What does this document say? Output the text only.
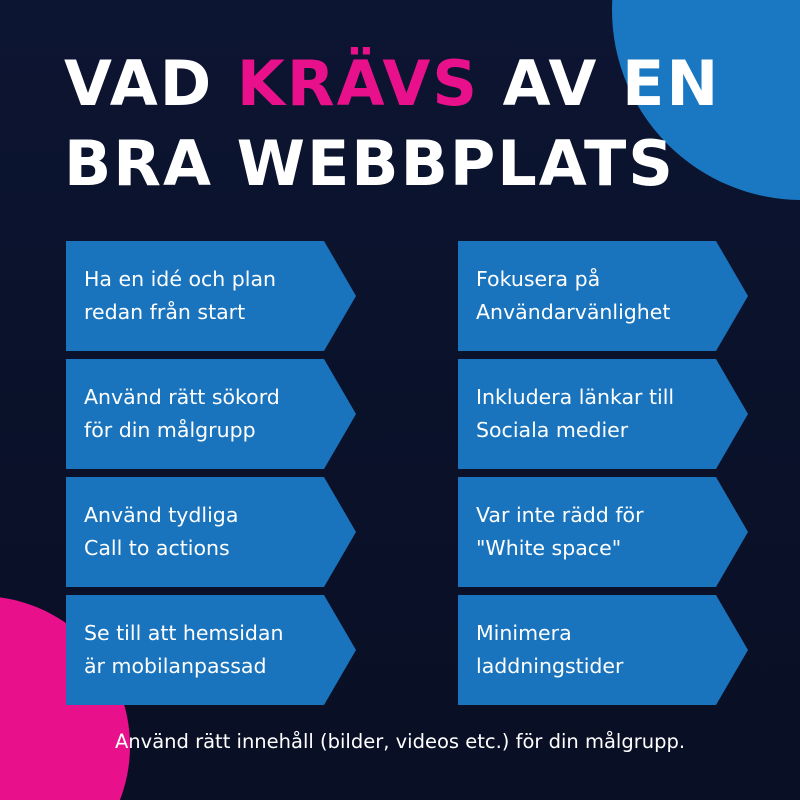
VAD KRÄVS AV EN
BRA WEBBPLATS
Ha en idé och plan
redan från start
Använd rätt sökord
för din målgrupp
Använd tydliga
Call to actions
Se till att hemsidan
är mobilanpassad
Fokusera på
Användarvänlighet
Inkludera länkar till
Sociala medier
Var inte rädd för
"White space"
Minimera
laddningstider
Använd rätt innehåll (bilder, videos etc.) för din målgrupp.
